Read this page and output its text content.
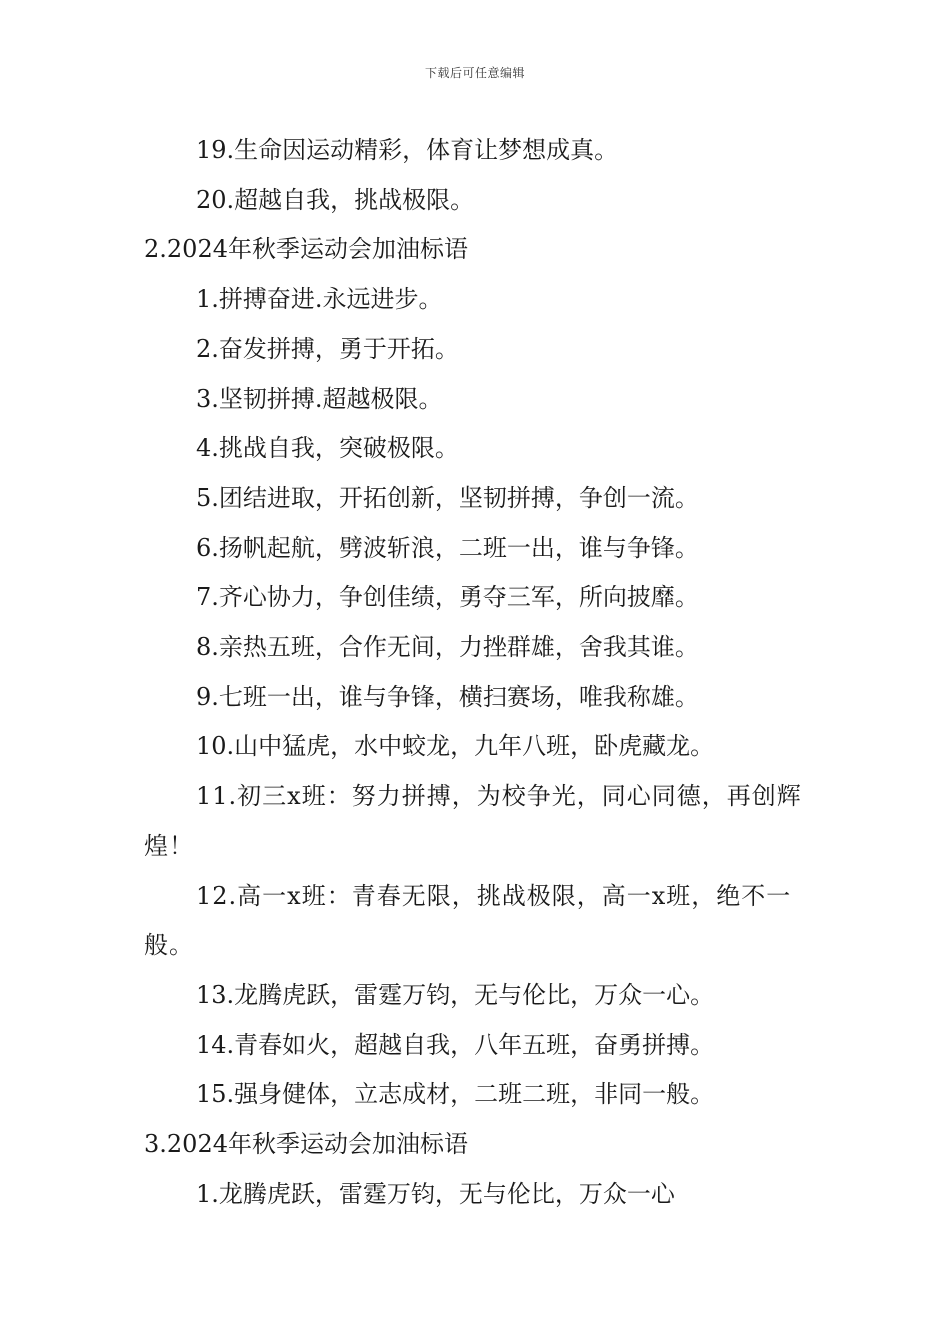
下载后可任意编辑

19.生命因运动精彩，体育让梦想成真。

20.超越自我，挑战极限。

2.2024年秋季运动会加油标语

1.拼搏奋进.永远进步。

2.奋发拼搏，勇于开拓。

3.坚韧拼搏.超越极限。

4.挑战自我，突破极限。

5.团结进取，开拓创新，坚韧拼搏，争创一流。

6.扬帆起航，劈波斩浪，二班一出，谁与争锋。

7.齐心协力，争创佳绩，勇夺三军，所向披靡。

8.亲热五班，合作无间，力挫群雄，舍我其谁。

9.七班一出，谁与争锋，横扫赛场，唯我称雄。

10.山中猛虎，水中蛟龙，九年八班，卧虎藏龙。

11.初三x班：努力拼搏，为校争光，同心同德，再创辉煌！

12.高一x班：青春无限，挑战极限，高一x班，绝不一般。

13.龙腾虎跃，雷霆万钧，无与伦比，万众一心。

14.青春如火，超越自我，八年五班，奋勇拼搏。

15.强身健体，立志成材，二班二班，非同一般。

3.2024年秋季运动会加油标语

1.龙腾虎跃，雷霆万钧，无与伦比，万众一心
